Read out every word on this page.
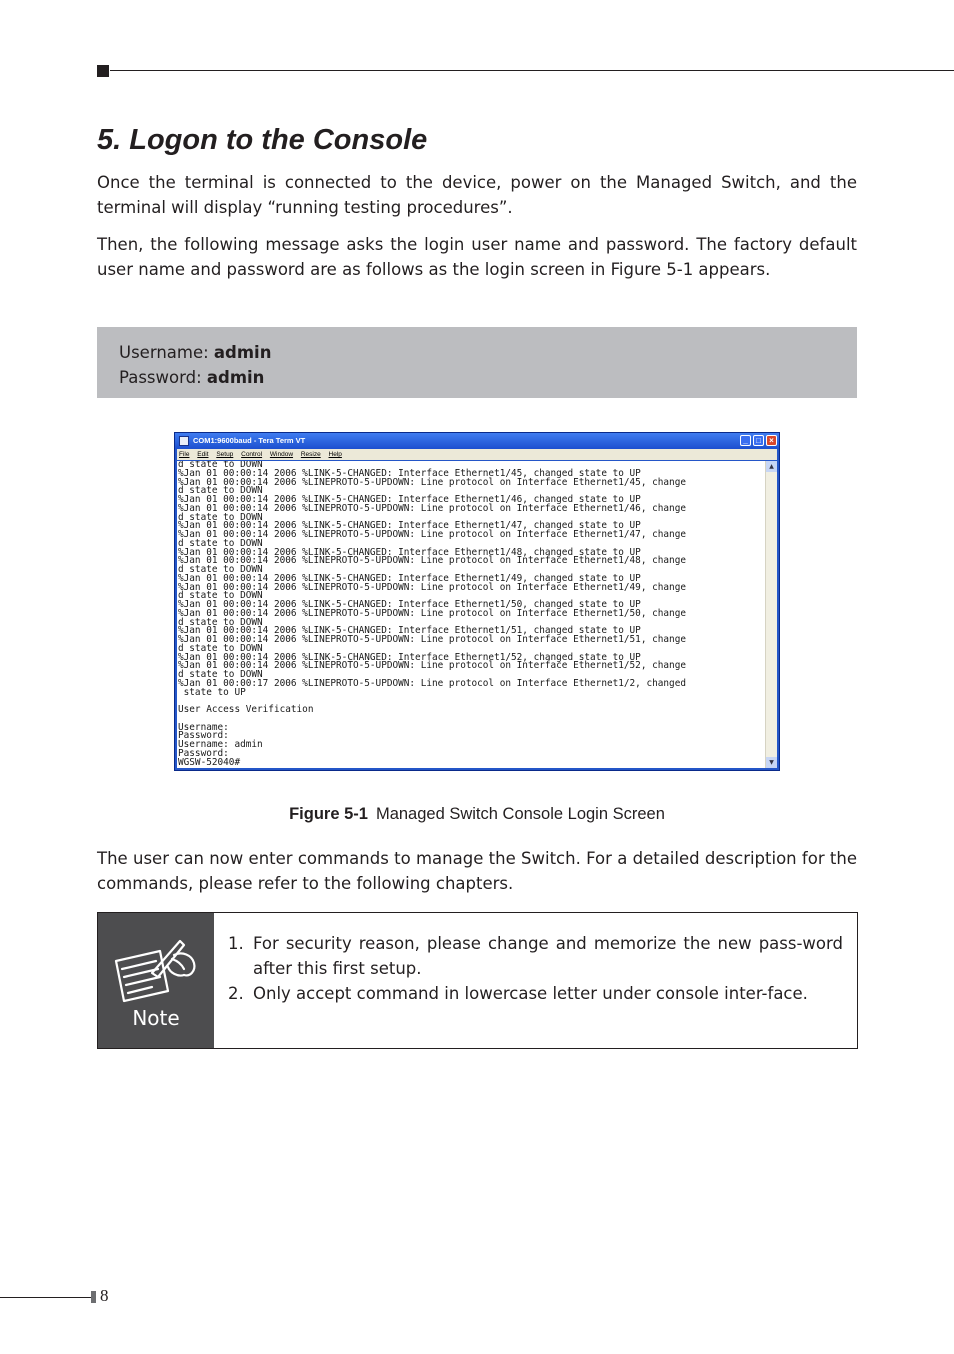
5. Logon to the Console

Once the terminal is connected to the device, power on the Managed Switch, and the terminal will display “running testing procedures”.

Then, the following message asks the login user name and password. The factory default user name and password are as follows as the login screen in Figure 5-1 appears.

Username: admin
Password: admin
COM1:9600baud - Tera Term VT	_	□	×
File Edit Setup Control Window Resize Help
d state to DOWN
%Jan 01 00:00:14 2006 %LINK-5-CHANGED: Interface Ethernet1/45, changed state to UP
%Jan 01 00:00:14 2006 %LINEPROTO-5-UPDOWN: Line protocol on Interface Ethernet1/45, change
d state to DOWN
%Jan 01 00:00:14 2006 %LINK-5-CHANGED: Interface Ethernet1/46, changed state to UP
%Jan 01 00:00:14 2006 %LINEPROTO-5-UPDOWN: Line protocol on Interface Ethernet1/46, change
d state to DOWN
%Jan 01 00:00:14 2006 %LINK-5-CHANGED: Interface Ethernet1/47, changed state to UP
%Jan 01 00:00:14 2006 %LINEPROTO-5-UPDOWN: Line protocol on Interface Ethernet1/47, change
d state to DOWN
%Jan 01 00:00:14 2006 %LINK-5-CHANGED: Interface Ethernet1/48, changed state to UP
%Jan 01 00:00:14 2006 %LINEPROTO-5-UPDOWN: Line protocol on Interface Ethernet1/48, change
d state to DOWN
%Jan 01 00:00:14 2006 %LINK-5-CHANGED: Interface Ethernet1/49, changed state to UP
%Jan 01 00:00:14 2006 %LINEPROTO-5-UPDOWN: Line protocol on Interface Ethernet1/49, change
d state to DOWN
%Jan 01 00:00:14 2006 %LINK-5-CHANGED: Interface Ethernet1/50, changed state to UP
%Jan 01 00:00:14 2006 %LINEPROTO-5-UPDOWN: Line protocol on Interface Ethernet1/50, change
d state to DOWN
%Jan 01 00:00:14 2006 %LINK-5-CHANGED: Interface Ethernet1/51, changed state to UP
%Jan 01 00:00:14 2006 %LINEPROTO-5-UPDOWN: Line protocol on Interface Ethernet1/51, change
d state to DOWN
%Jan 01 00:00:14 2006 %LINK-5-CHANGED: Interface Ethernet1/52, changed state to UP
%Jan 01 00:00:14 2006 %LINEPROTO-5-UPDOWN: Line protocol on Interface Ethernet1/52, change
d state to DOWN
%Jan 01 00:00:17 2006 %LINEPROTO-5-UPDOWN: Line protocol on Interface Ethernet1/2, changed
state to UP
User Access Verification
Username:
Password:
Username: admin
Password:
WGSW-52040#
▲
▼

Figure 5-1 Managed Switch Console Login Screen

The user can now enter commands to manage the Switch. For a detailed description for the commands, please refer to the following chapters.

Note
1. For security reason, please change and memorize the new pass-word after this first setup.
2. Only accept command in lowercase letter under console inter-face.
8
